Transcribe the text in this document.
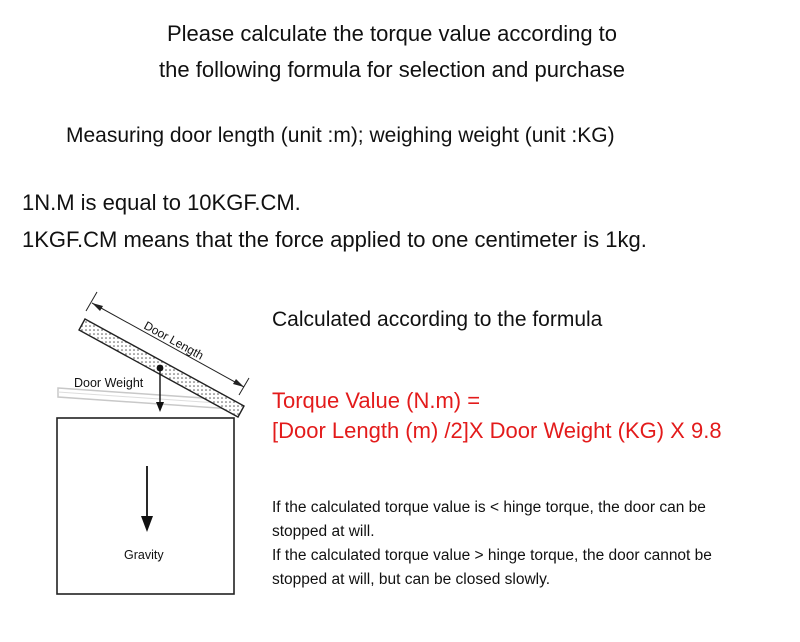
Please calculate the torque value according to
the following formula for selection and purchase
Measuring door length (unit :m); weighing weight (unit :KG)
1N.M is equal to 10KGF.CM.
1KGF.CM means that the force applied to one centimeter is 1kg.
Door Length
Door Weight
Gravity
Calculated according to the formula
Torque Value (N.m) =
[Door Length (m) /2]X Door Weight (KG) X 9.8
If the calculated torque value is < hinge torque, the door can be
stopped at will.
If the calculated torque value > hinge torque, the door cannot be
stopped at will, but can be closed slowly.
